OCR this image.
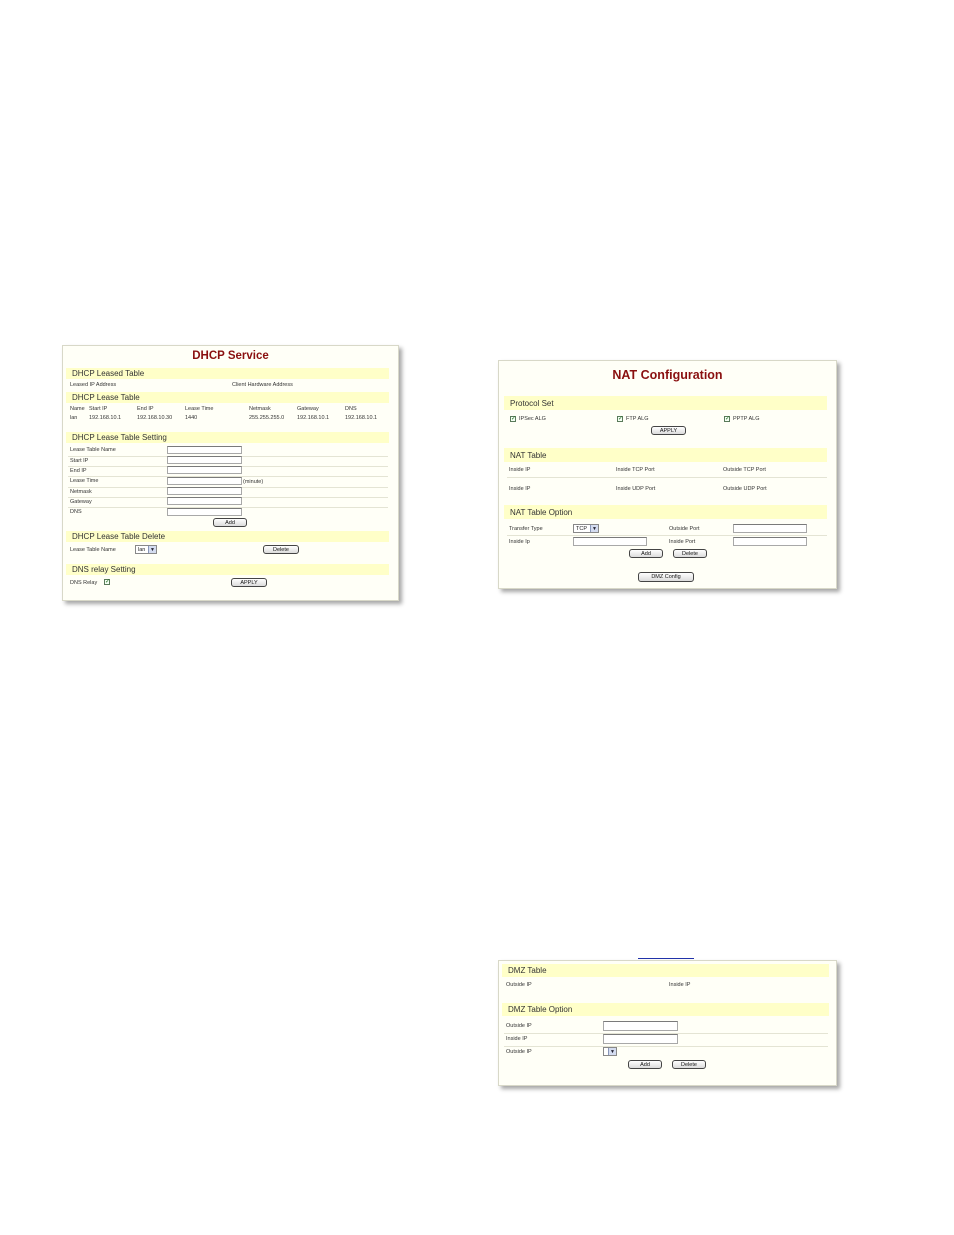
DHCP Service
DHCP Leased Table
Leased IP Address	Client Hardware Address
DHCP Lease Table
Name Start IP	End IP	Lease Time	Netmask	Gateway	DNS
lan 192.168.10.1	192.168.10.30 1440	255.255.255.0 192.168.10.1	192.168.10.1
DHCP Lease Table Setting
Lease Table Name
Start IP
End IP
Lease Time	(minute)
Netmask
Gateway
DNS
Add
DHCP Lease Table Delete
Lease Table Name	lan ▼	Delete
DNS relay Setting
DNS Relay ✓	APPLY
NAT Configuration
Protocol Set
✓ IPSec ALG	✓ FTP ALG	✓ PPTP ALG
APPLY
NAT Table
Inside IP	Inside TCP Port	Outside TCP Port
Inside IP	Inside UDP Port	Outside UDP Port
NAT Table Option
Transfer Type	TCP	▼	Outside Port
Inside Ip	Inside Port
Add	Delete
DMZ Config
DMZ Table
Outside IP	Inside IP
DMZ Table Option
Outside IP
Inside IP
Outside IP	▼
Add	Delete
